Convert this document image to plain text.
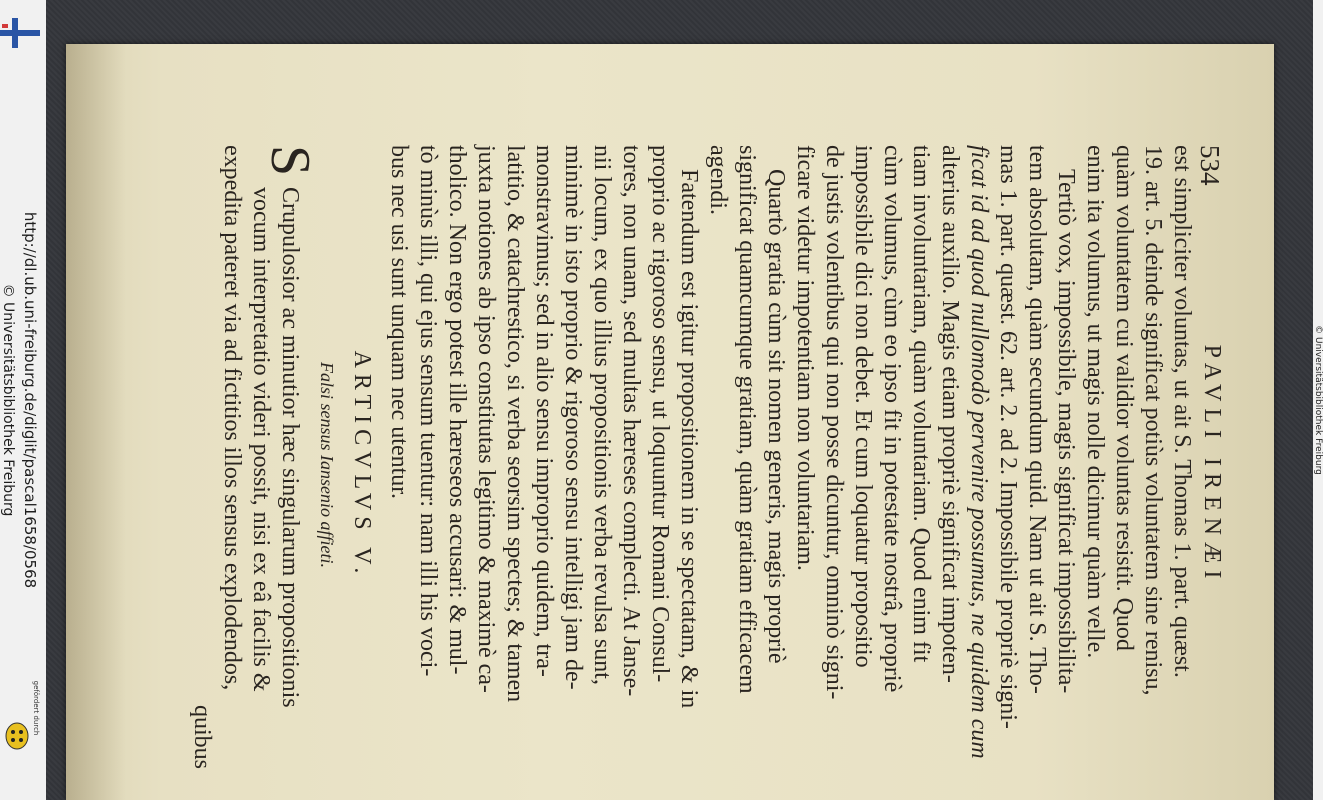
http://dl.ub.uni-freiburg.de/diglit/pascal1658/0568
© Universitätsbibliothek Freiburg
gefördert durch
534
PAVLI IRENÆI
est simpliciter voluntas, ut ait S. Thomas 1. part. quæst.
19. art. 5. deinde significat potiùs voluntatem sine renisu,
quàm voluntatem cui validior voluntas resistit. Quod
enim ita volumus, ut magis nolle dicimur quàm velle.
Tertiò vox, impossibile, magis significat impossibilita-
tem absolutam, quàm secundum quid. Nam ut ait S. Tho-
mas 1. part. quæst. 62. art. 2. ad 2. Impossibile propriè signi-
ficat id ad quod nullomodò pervenire possumus, ne quidem cum
alterius auxilio. Magis etiam propriè significat impoten-
tiam involuntariam, quàm voluntariam. Quod enim fit
cùm volumus, cùm eo ipso fit in potestate nostrâ, propriè
impossibile dici non debet. Et cum loquatur propositio
de justis volentibus qui non posse dicuntur, omninò signi-
ficare videtur impotentiam non voluntariam.
Quartò gratia cùm sit nomen generis, magis propriè
significat quamcumque gratiam, quàm gratiam efficacem
agendi.
Fatendum est igitur propositionem in se spectatam, & in
proprio ac rigoroso sensu, ut loquuntur Romani Consul-
tores, non unam, sed multas hæreses complecti. At Janse-
nii locum, ex quo illius propositionis verba revulsa sunt,
minimè in isto proprio & rigoroso sensu intelligi jam de-
monstravimus; sed in alio sensu improprio quidem, tra-
latitio, & catachrestico, si verba seorsim spectes; & tamen
juxta notiones ab ipso constitutas legitimo & maximè ca-
tholico. Non ergo potest ille hæreseos accusari: & mul-
tò minùs illi, qui ejus sensum tuentur: nam illi his voci-
bus nec usi sunt unquam nec utentur.
ARTICVLVS V.
Falsi sensus Iansenio affieti.
S
Crupulosior ac minutior hæc singularum propositionis
vocum interpretatio videri possit, nisi ex eâ facilis &
expedita pateret via ad fictitios illos sensus explodendos,
quibus
© Universitätsbibliothek Freiburg
